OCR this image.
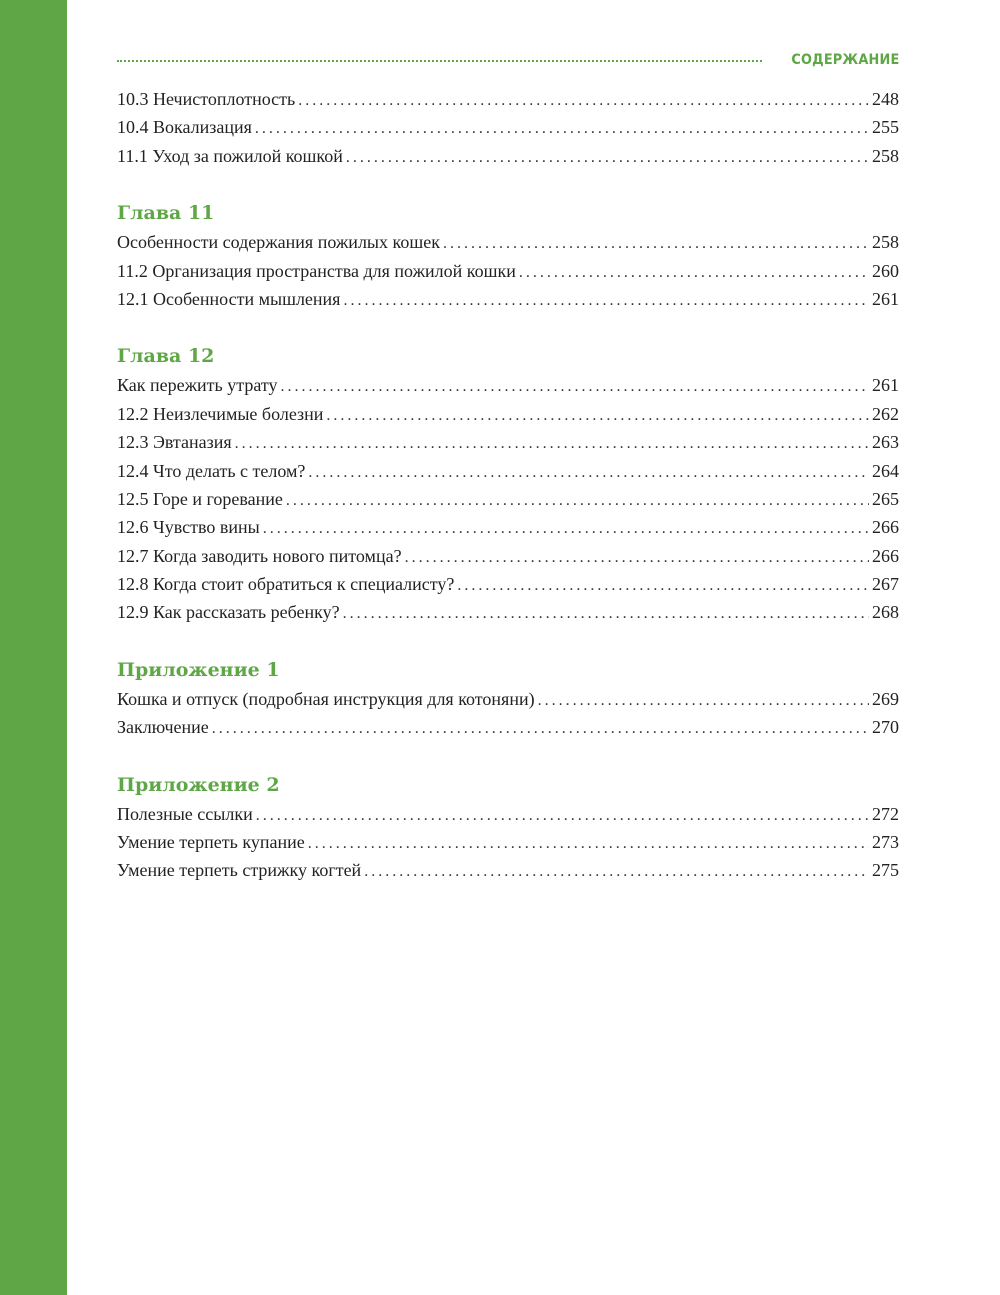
СОДЕРЖАНИЕ
10.3 Нечистоплотность . . .	248
10.4 Вокализация . . .	255
11.1 Уход за пожилой кошкой . . .	258
Глава 11
Особенности содержания пожилых кошек . . .	258
11.2 Организация пространства для пожилой кошки . . .	260
12.1 Особенности мышления . . .	261
Глава 12
Как пережить утрату . . .	261
12.2 Неизлечимые болезни . . .	262
12.3 Эвтаназия . . .	263
12.4 Что делать с телом? . . .	264
12.5 Горе и горевание . . .	265
12.6 Чувство вины . . .	266
12.7 Когда заводить нового питомца? . . .	266
12.8 Когда стоит обратиться к специалисту? . . .	267
12.9 Как рассказать ребенку? . . .	268
Приложение 1
Кошка и отпуск (подробная инструкция для котоняни) . . .	269
Заключение . . .	270
Приложение 2
Полезные ссылки . . .	272
Умение терпеть купание . . .	273
Умение терпеть стрижку когтей . . .	275
